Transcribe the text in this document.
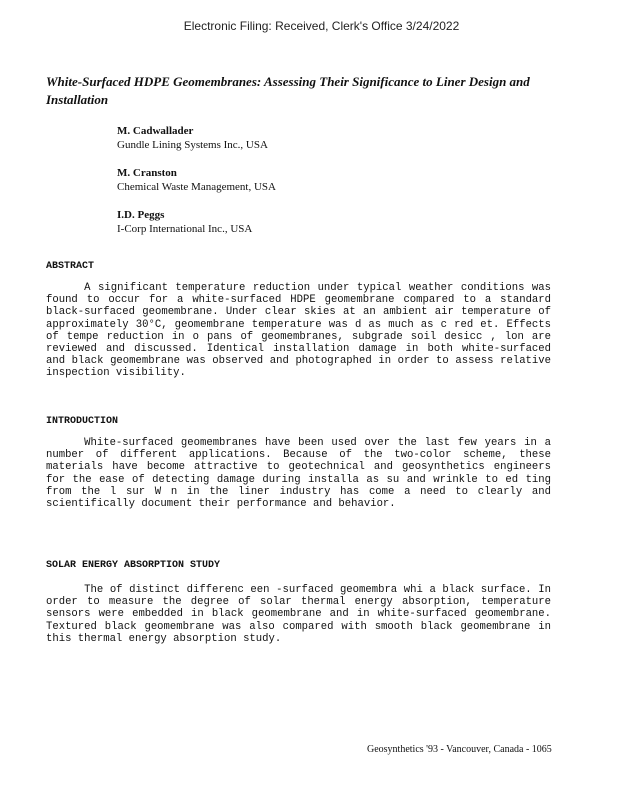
Electronic Filing: Received, Clerk's Office 3/24/2022
White-Surfaced HDPE Geomembranes: Assessing Their Significance to Liner Design and Installation
M. Cadwallader
Gundle Lining Systems Inc., USA
M. Cranston
Chemical Waste Management, USA
I.D. Peggs
I-Corp International Inc., USA
ABSTRACT

A significant temperature reduction under typical weather conditions was found to occur for a white-surfaced HDPE geomembrane compared to a standard black-surfaced geomembrane. Under clear skies at an ambient air temperature of approximately 30°C, geomembrane temperature was d as much as c red et. Effects of tempe reduction in o pans of geomembranes, subgrade soil desicc , lon are reviewed and discussed. Identical installation damage in both white-surfaced and black geomembrane was observed and photographed in order to assess relative inspection visibility.

INTRODUCTION

White-surfaced geomembranes have been used over the last few years in a number of different applications. Because of the two-color scheme, these materials have become attractive to geotechnical and geosynthetics engineers for the ease of detecting damage during installa as su and wrinkle to ed ting from the l sur W n in the liner industry has come a need to clearly and scientifically document their performance and behavior.

SOLAR ENERGY ABSORPTION STUDY

The of distinct differenc een -surfaced geomembra whi a black surface. In order to measure the degree of solar thermal energy absorption, temperature sensors were embedded in black geomembrane and in white-surfaced geomembrane. Textured black geomembrane was also compared with smooth black geomembrane in this thermal energy absorption study.

Geosynthetics '93 - Vancouver, Canada - 1065
